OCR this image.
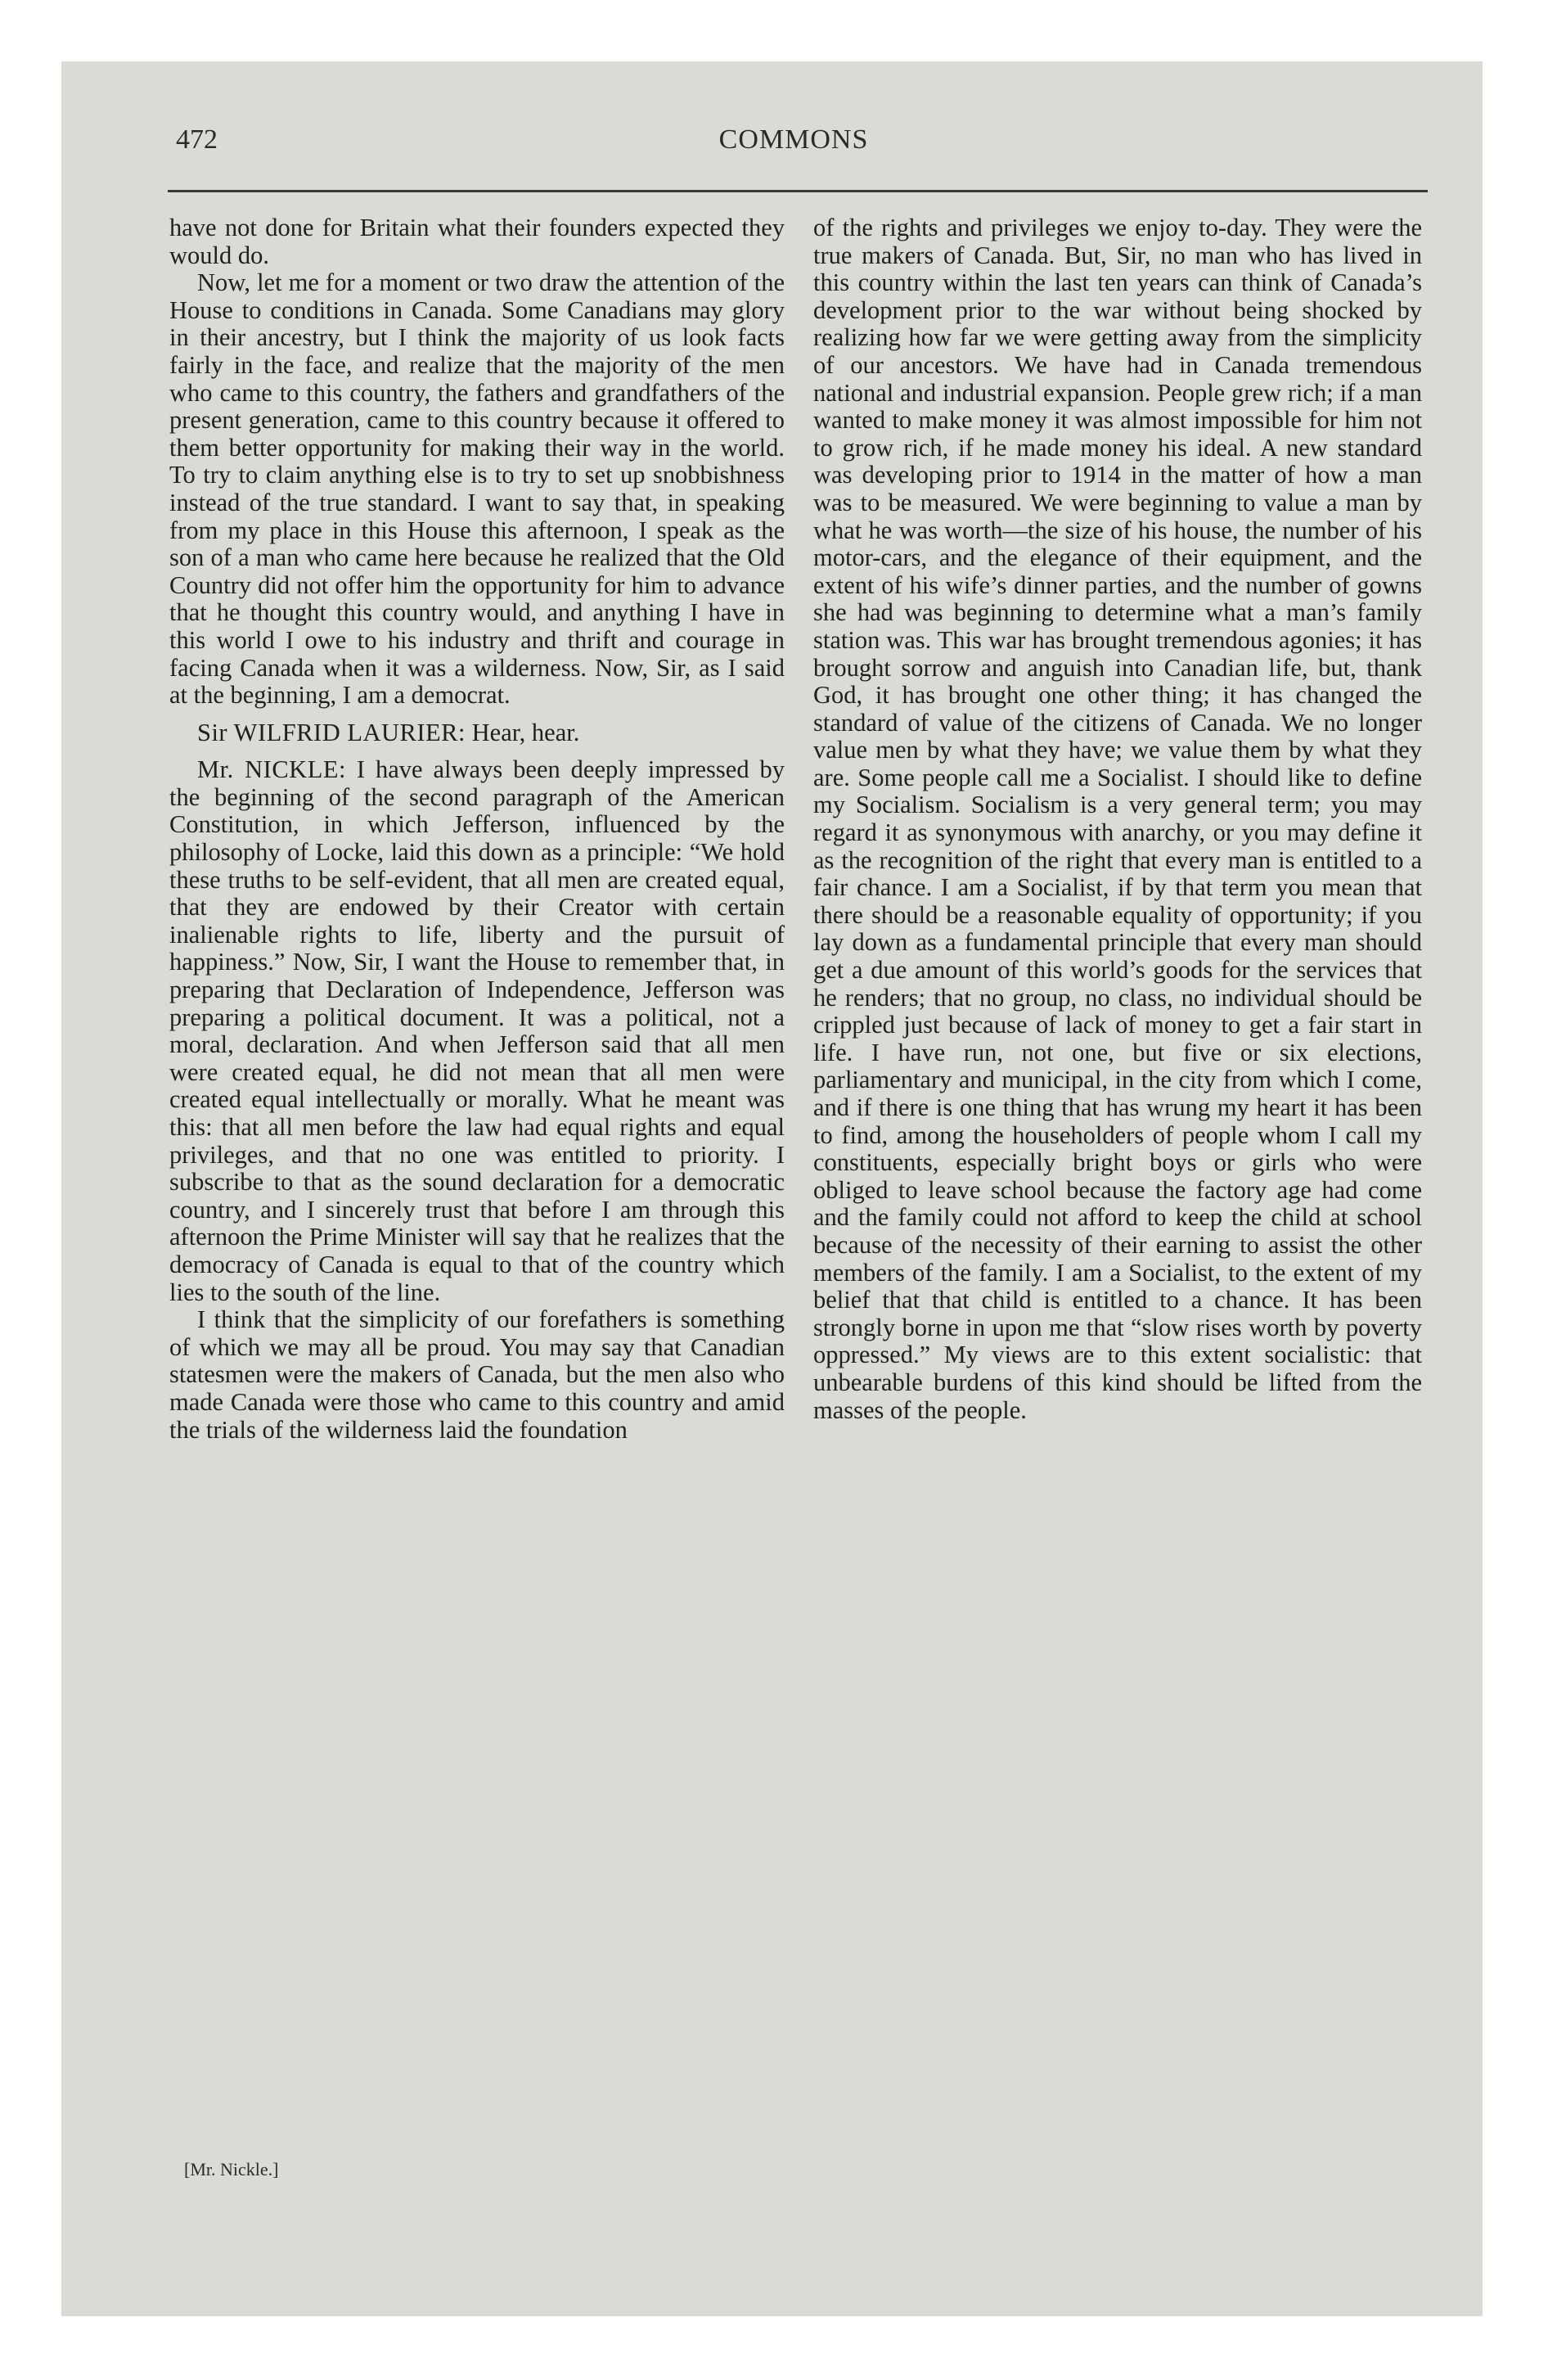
472	COMMONS

have not done for Britain what their founders expected they would do.

Now, let me for a moment or two draw the attention of the House to conditions in Canada. Some Canadians may glory in their ancestry, but I think the majority of us look facts fairly in the face, and realize that the majority of the men who came to this country, the fathers and grandfathers of the present generation, came to this country because it offered to them better opportunity for making their way in the world. To try to claim anything else is to try to set up snobbishness instead of the true standard. I want to say that, in speaking from my place in this House this afternoon, I speak as the son of a man who came here because he realized that the Old Country did not offer him the opportunity for him to advance that he thought this country would, and anything I have in this world I owe to his industry and thrift and courage in facing Canada when it was a wilderness. Now, Sir, as I said at the beginning, I am a democrat.

Sir WILFRID LAURIER: Hear, hear.

Mr. NICKLE: I have always been deeply impressed by the beginning of the second paragraph of the American Constitution, in which Jefferson, influenced by the philosophy of Locke, laid this down as a principle: “We hold these truths to be self-evident, that all men are created equal, that they are endowed by their Creator with certain inalienable rights to life, liberty and the pursuit of happiness.” Now, Sir, I want the House to remember that, in preparing that Declaration of Independence, Jefferson was preparing a political document. It was a political, not a moral, declaration. And when Jefferson said that all men were created equal, he did not mean that all men were created equal intellectually or morally. What he meant was this: that all men before the law had equal rights and equal privileges, and that no one was entitled to priority. I subscribe to that as the sound declaration for a democratic country, and I sincerely trust that before I am through this afternoon the Prime Minister will say that he realizes that the democracy of Canada is equal to that of the country which lies to the south of the line.

I think that the simplicity of our forefathers is something of which we may all be proud. You may say that Canadian statesmen were the makers of Canada, but the men also who made Canada were those who came to this country and amid the trials of the wilderness laid the foundation

of the rights and privileges we enjoy to-day. They were the true makers of Canada. But, Sir, no man who has lived in this country within the last ten years can think of Canada’s development prior to the war without being shocked by realizing how far we were getting away from the simplicity of our ancestors. We have had in Canada tremendous national and industrial expansion. People grew rich; if a man wanted to make money it was almost impossible for him not to grow rich, if he made money his ideal. A new standard was developing prior to 1914 in the matter of how a man was to be measured. We were beginning to value a man by what he was worth—the size of his house, the number of his motor-cars, and the elegance of their equipment, and the extent of his wife’s dinner parties, and the number of gowns she had was beginning to determine what a man’s family station was. This war has brought tremendous agonies; it has brought sorrow and anguish into Canadian life, but, thank God, it has brought one other thing; it has changed the standard of value of the citizens of Canada. We no longer value men by what they have; we value them by what they are. Some people call me a Socialist. I should like to define my Socialism. Socialism is a very general term; you may regard it as synonymous with anarchy, or you may define it as the recognition of the right that every man is entitled to a fair chance. I am a Socialist, if by that term you mean that there should be a reasonable equality of opportunity; if you lay down as a fundamental principle that every man should get a due amount of this world’s goods for the services that he renders; that no group, no class, no individual should be crippled just because of lack of money to get a fair start in life. I have run, not one, but five or six elections, parliamentary and municipal, in the city from which I come, and if there is one thing that has wrung my heart it has been to find, among the householders of people whom I call my constituents, especially bright boys or girls who were obliged to leave school because the factory age had come and the family could not afford to keep the child at school because of the necessity of their earning to assist the other members of the family. I am a Socialist, to the extent of my belief that that child is entitled to a chance. It has been strongly borne in upon me that “slow rises worth by poverty oppressed.” My views are to this extent socialistic: that unbearable burdens of this kind should be lifted from the masses of the people.

[Mr. Nickle.]
